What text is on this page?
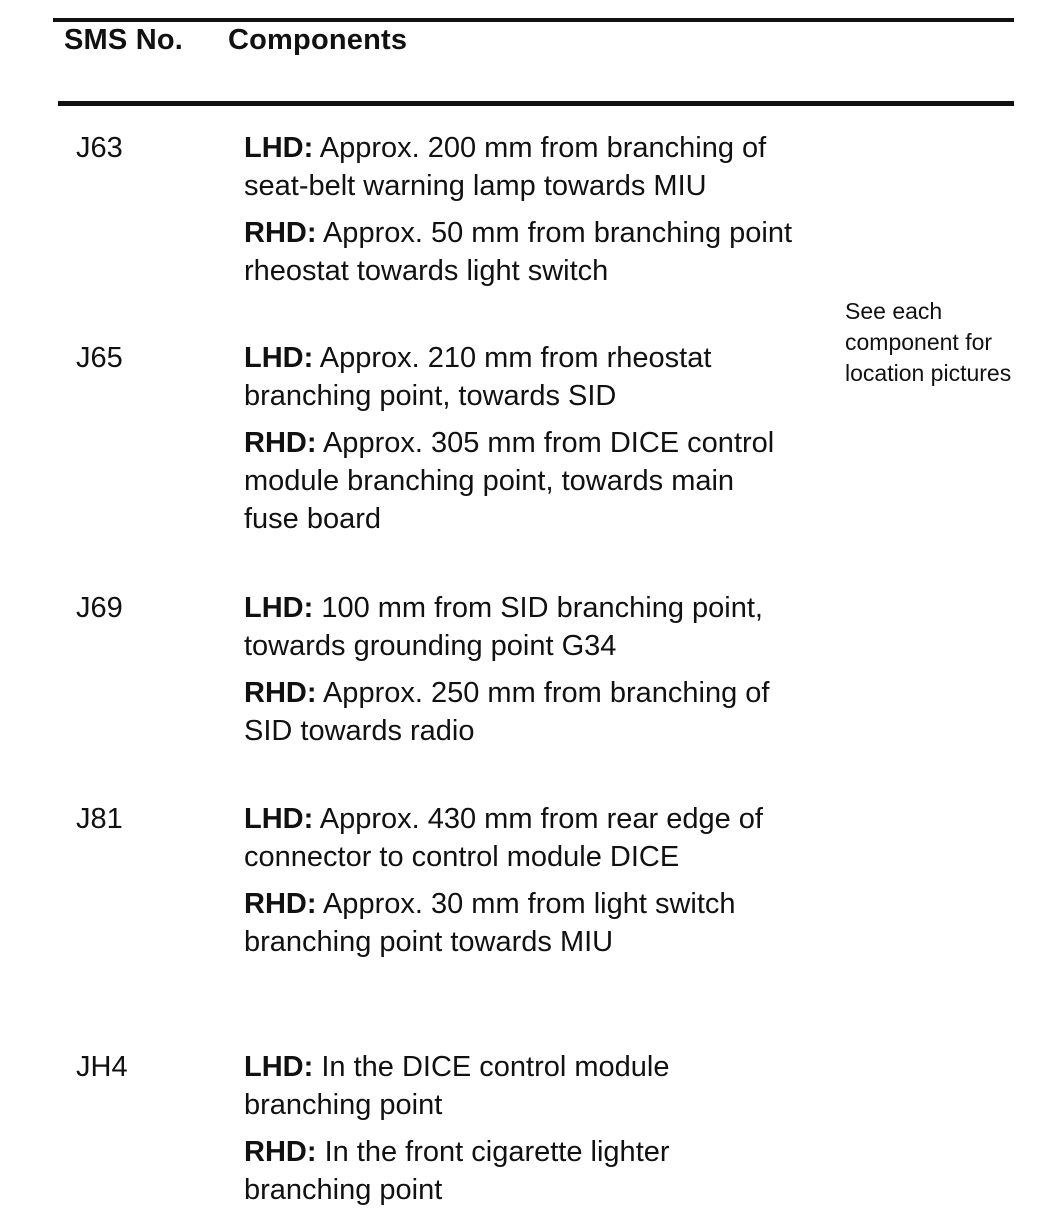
SMS No. Components
See each
component for
location pictures
J63	LHD: Approx. 200 mm from branching of
seat-belt warning lamp towards MIU

RHD: Approx. 50 mm from branching point
rheostat towards light switch

J65	LHD: Approx. 210 mm from rheostat
branching point, towards SID

RHD: Approx. 305 mm from DICE control
module branching point, towards main
fuse board

J69	LHD: 100 mm from SID branching point,
towards grounding point G34

RHD: Approx. 250 mm from branching of
SID towards radio

J81	LHD: Approx. 430 mm from rear edge of
connector to control module DICE

RHD: Approx. 30 mm from light switch
branching point towards MIU

JH4	LHD: In the DICE control module
branching point

RHD: In the front cigarette lighter
branching point
